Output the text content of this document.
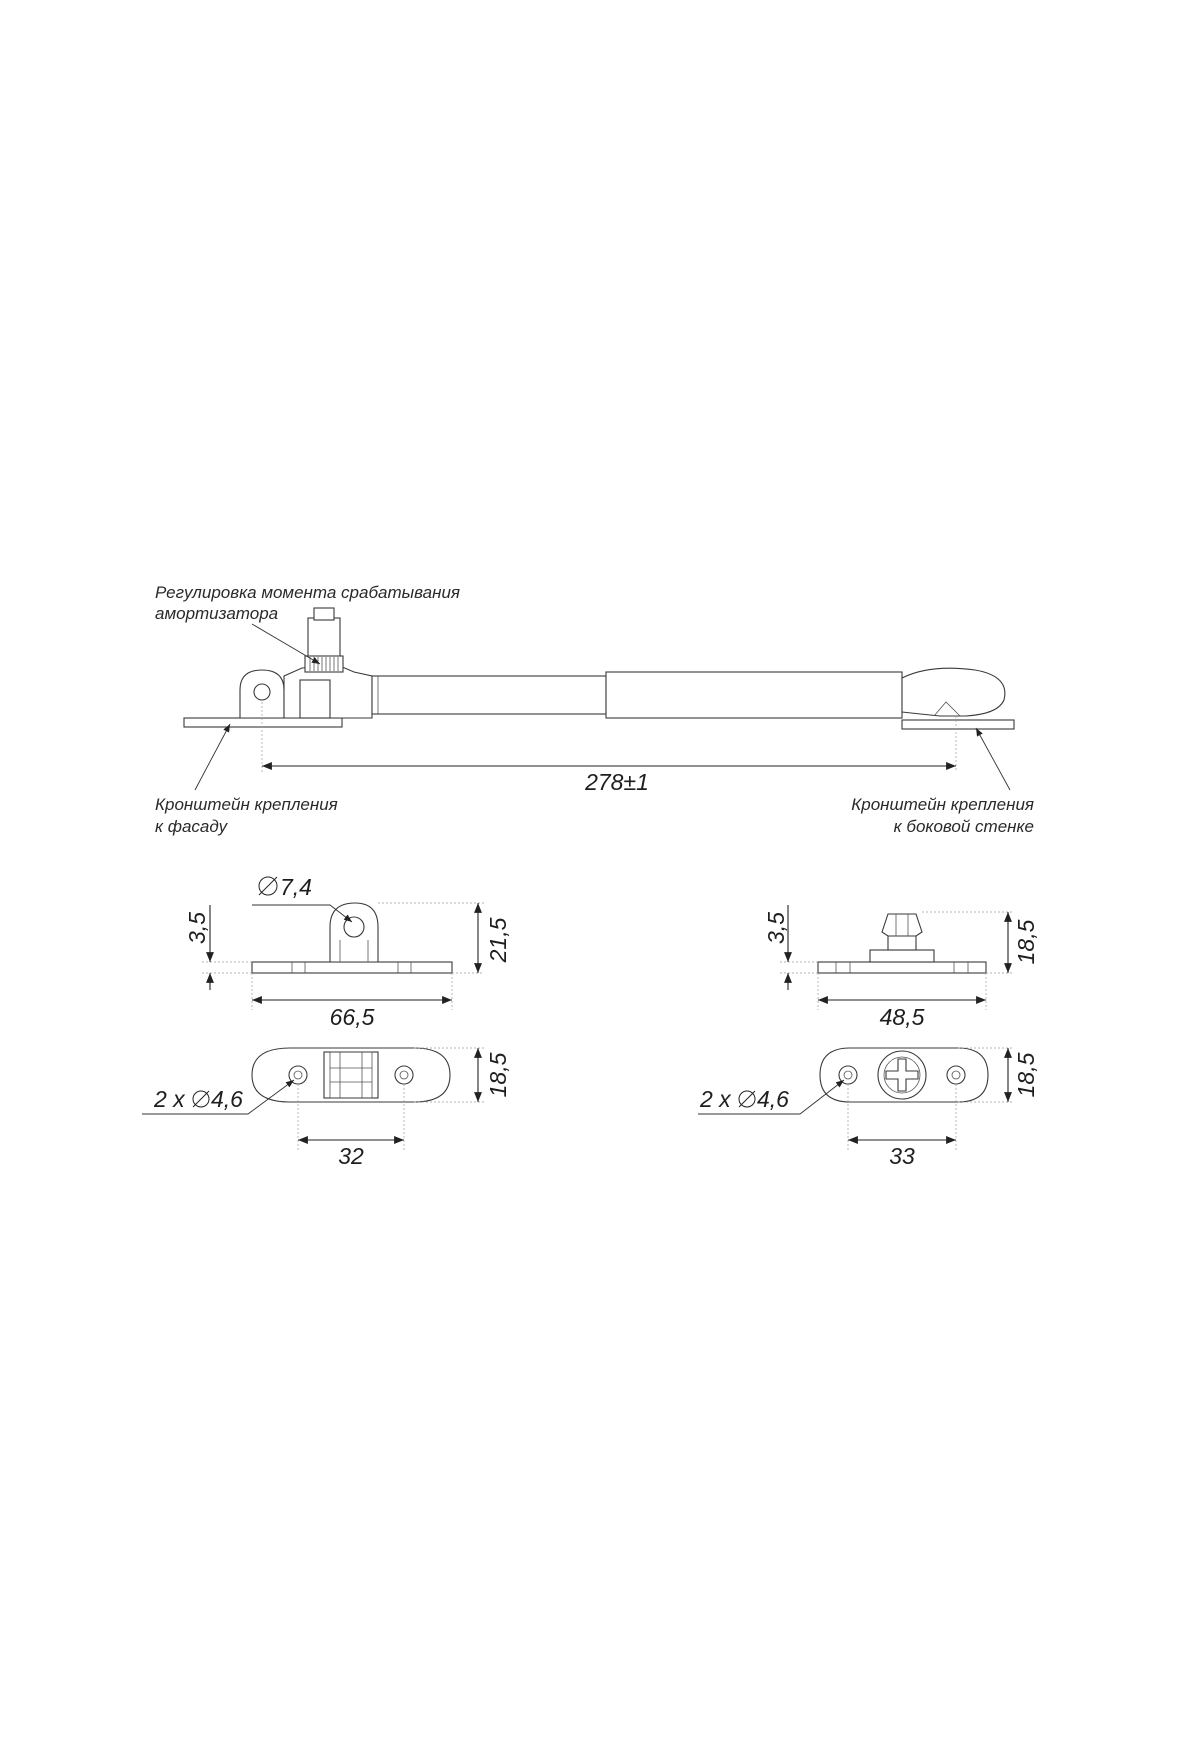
278±1
Регулировка момента срабатывания
амортизатора
Кронштейн крепления
к фасаду
Кронштейн крепления
к боковой стенке
3,5
7,4
21,5
66,5
18,5
2 x 4,6
32
3,5	18,5
48,5
18,5
2 x 4,6
33
